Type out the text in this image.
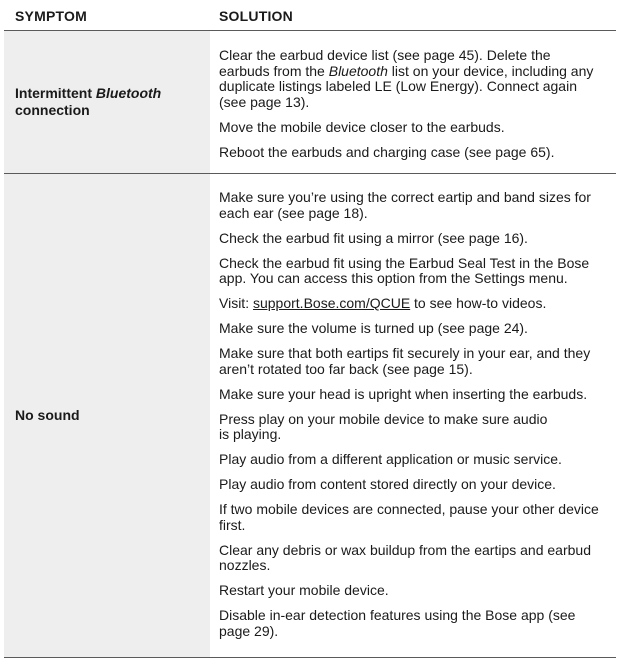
SYMPTOM	SOLUTION
Intermittent Bluetooth
connection

Clear the earbud device list (see page 45). Delete the earbuds from the Bluetooth list on your device, including any duplicate listings labeled LE (Low Energy). Connect again (see page 13).

Move the mobile device closer to the earbuds.

Reboot the earbuds and charging case (see page 65).

No sound

Make sure you’re using the correct eartip and band sizes for each ear (see page 18).

Check the earbud fit using a mirror (see page 16).

Check the earbud fit using the Earbud Seal Test in the Bose app. You can access this option from the Settings menu.

Visit: support.Bose.com/QCUE to see how-to videos.

Make sure the volume is turned up (see page 24).

Make sure that both eartips fit securely in your ear, and they aren’t rotated too far back (see page 15).

Make sure your head is upright when inserting the earbuds.

Press play on your mobile device to make sure audio
is playing.

Play audio from a different application or music service.

Play audio from content stored directly on your device.

If two mobile devices are connected, pause your other device first.

Clear any debris or wax buildup from the eartips and earbud nozzles.

Restart your mobile device.

Disable in-ear detection features using the Bose app (see page 29).
